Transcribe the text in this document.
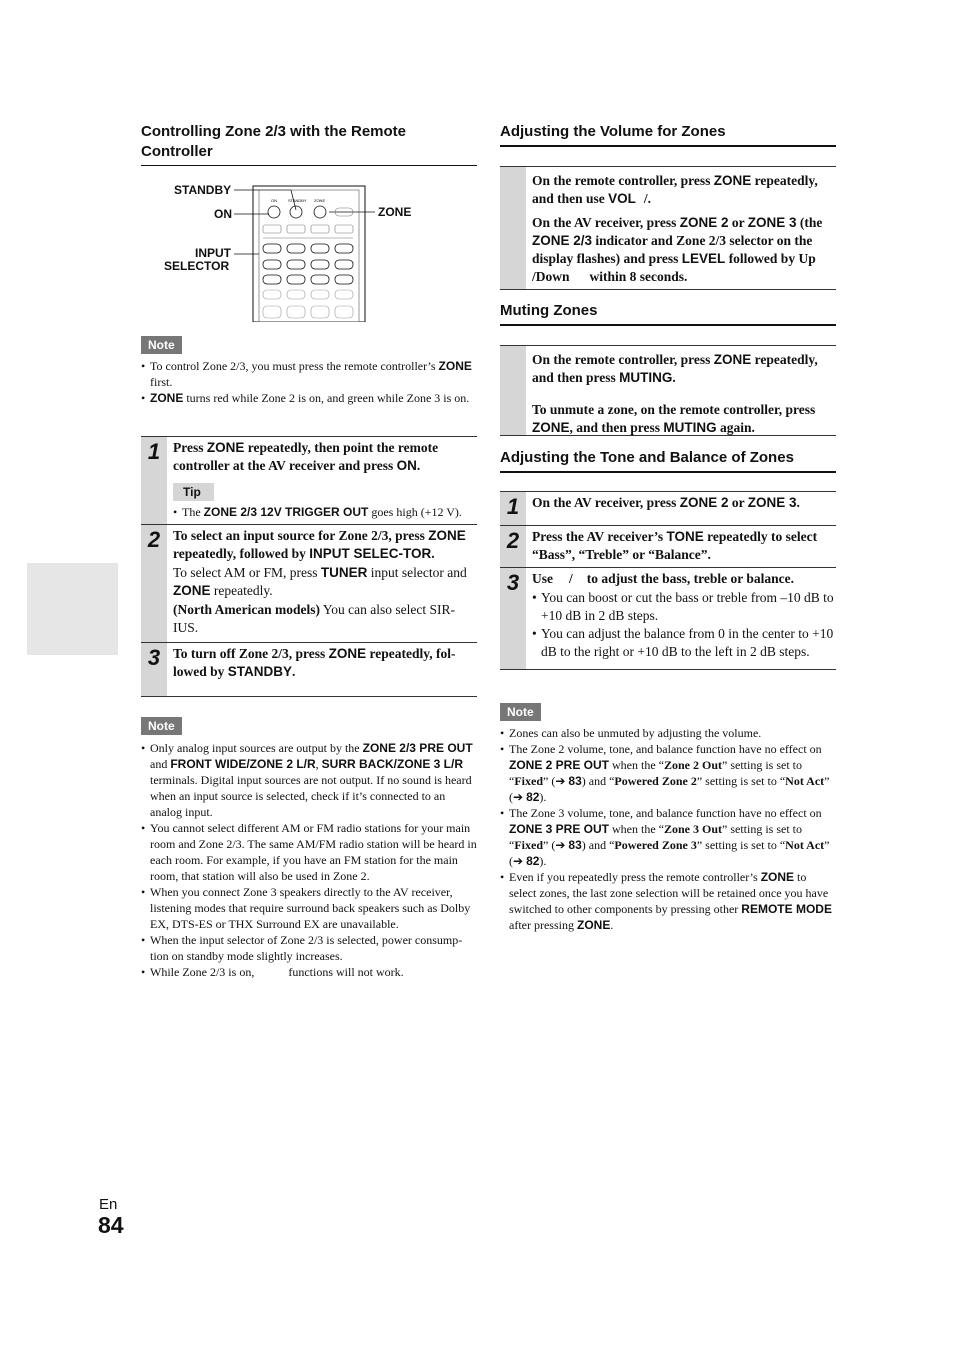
Controlling Zone 2/3 with the Remote Controller
STANDBY
ON
INPUT
SELECTOR
ZONE
ON	STANDBY ZONE
Note
• To control Zone 2/3, you must press the remote controller’s ZONE first.
• ZONE turns red while Zone 2 is on, and green while Zone 3 is on.
1 Press ZONE repeatedly, then point the remote controller at the AV receiver and press ON.

Tip
• The ZONE 2/3 12V TRIGGER OUT goes high (+12 V).
2 To select an input source for Zone 2/3, press ZONE repeatedly, followed by INPUT SELEC-TOR.

To select AM or FM, press TUNER input selector and ZONE repeatedly.

(North American models) You can also select SIR-IUS.

3 To turn off Zone 2/3, press ZONE repeatedly, fol-lowed by STANDBY.

Note
• Only analog input sources are output by the ZONE 2/3 PRE OUT and FRONT WIDE/ZONE 2 L/R, SURR BACK/ZONE 3 L/R terminals. Digital input sources are not output. If no sound is heard when an input source is selected, check if it’s connected to an analog input.
• You cannot select different AM or FM radio stations for your main room and Zone 2/3. The same AM/FM radio station will be heard in each room. For example, if you have an FM station for the main room, that station will also be used in Zone 2.
• When you connect Zone 3 speakers directly to the AV receiver, listening modes that require surround back speakers such as Dolby EX, DTS-ES or THX Surround EX are unavailable.
• When the input selector of Zone 2/3 is selected, power consump-tion on standby mode slightly increases.
• While Zone 2/3 is on,	functions will not work.
Adjusting the Volume for Zones

On the remote controller, press ZONE repeatedly, and then use VOL /.

On the AV receiver, press ZONE 2 or ZONE 3 (the ZONE 2/3 indicator and Zone 2/3 selector on the display flashes) and press LEVEL followed by Up/Down within 8 seconds.

Muting Zones

On the remote controller, press ZONE repeatedly, and then press MUTING.

To unmute a zone, on the remote controller, press ZONE, and then press MUTING again.

Adjusting the Tone and Balance of Zones
1 On the AV receiver, press ZONE 2 or ZONE 3.
2 Press the AV receiver’s TONE repeatedly to select “Bass”, “Treble” or “Balance”.
3 Use / to adjust the bass, treble or balance.

• You can boost or cut the bass or treble from –10 dB to +10 dB in 2 dB steps.
• You can adjust the balance from 0 in the center to +10 dB to the right or +10 dB to the left in 2 dB steps.
Note
• Zones can also be unmuted by adjusting the volume.
• The Zone 2 volume, tone, and balance function have no effect on ZONE 2 PRE OUT when the “Zone 2 Out” setting is set to “Fixed” (➔ 83) and “Powered Zone 2” setting is set to “Not Act” (➔ 82).
• The Zone 3 volume, tone, and balance function have no effect on ZONE 3 PRE OUT when the “Zone 3 Out” setting is set to “Fixed” (➔ 83) and “Powered Zone 3” setting is set to “Not Act” (➔ 82).
• Even if you repeatedly press the remote controller’s ZONE to select zones, the last zone selection will be retained once you have switched to other components by pressing other REMOTE MODE after pressing ZONE.
En
84
